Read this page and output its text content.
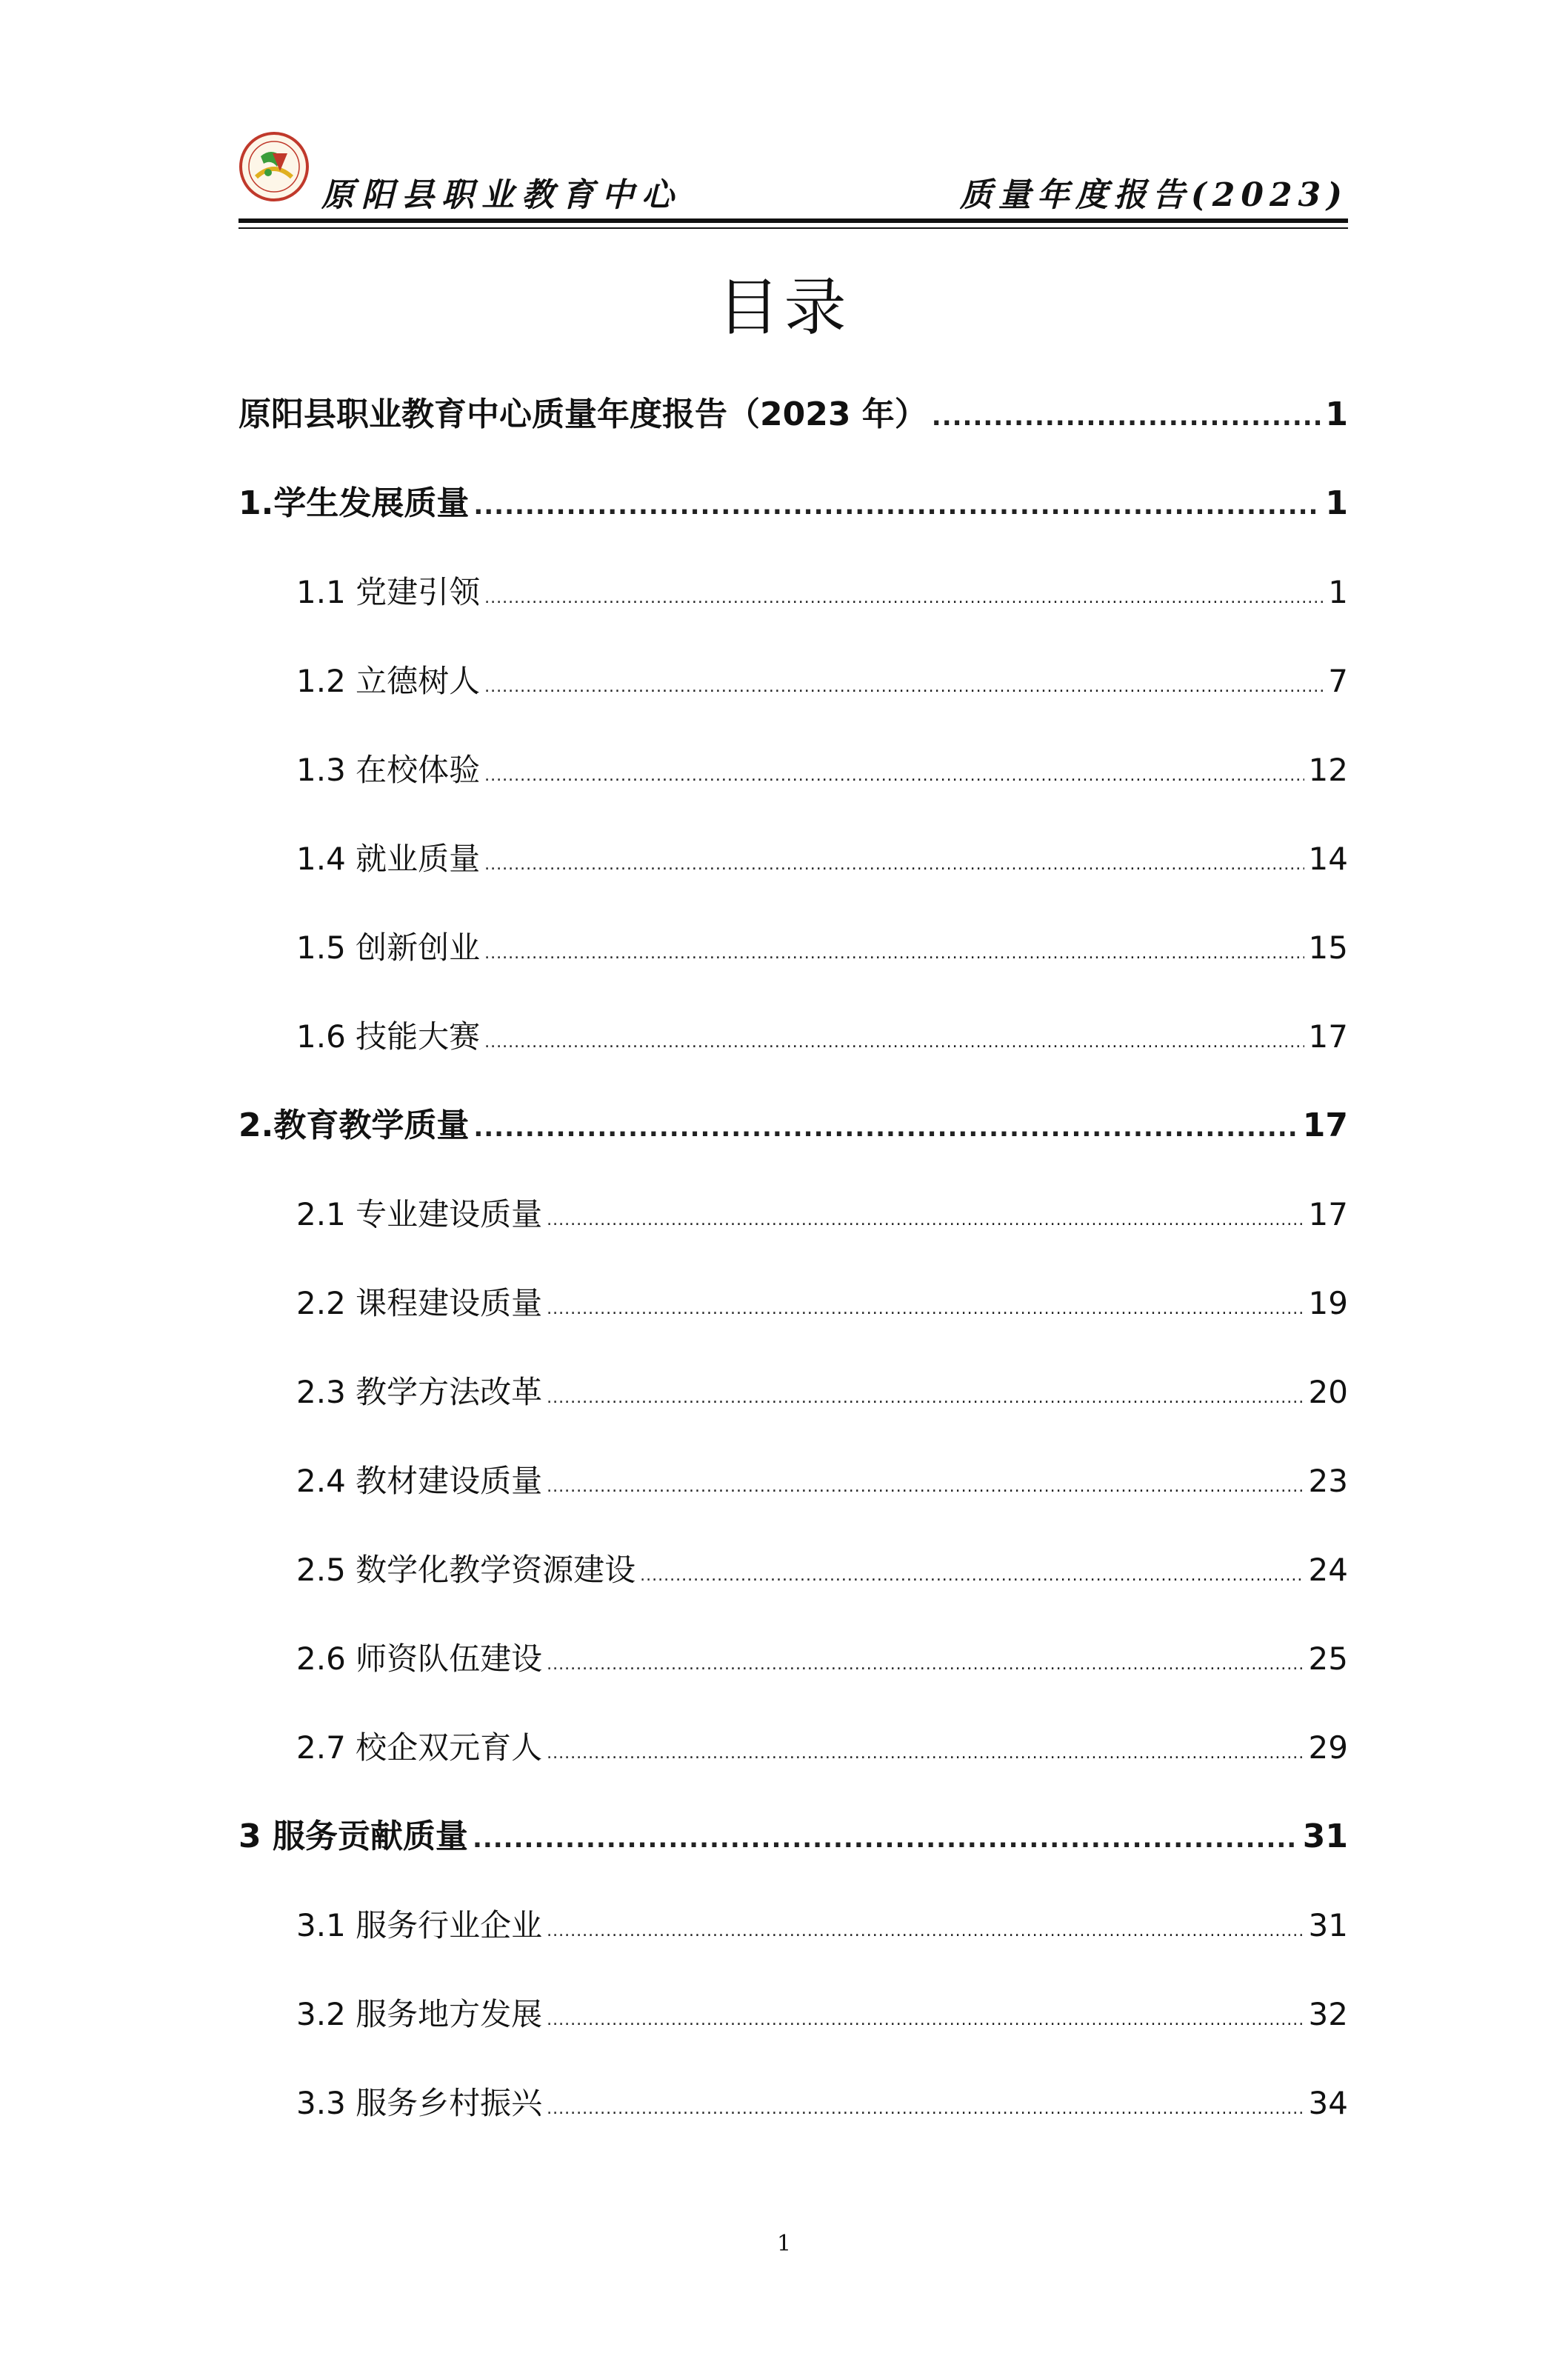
原阳县职业教育中心	质量年度报告(2023)
目录
原阳县职业教育中心质量年度报告（2023 年） .....	1
1.学生发展质量 .....	1
1.1 党建引领 .....	1
1.2 立德树人 .....	7
1.3 在校体验 .....	12
1.4 就业质量 .....	14
1.5 创新创业 .....	15
1.6 技能大赛 .....	17
2.教育教学质量 .....	17
2.1 专业建设质量 .....	17
2.2 课程建设质量 .....	19
2.3 教学方法改革 .....	20
2.4 教材建设质量 .....	23
2.5 数学化教学资源建设 .....	24
2.6 师资队伍建设 .....	25
2.7 校企双元育人 .....	29
3 服务贡献质量 .....	31
3.1 服务行业企业 .....	31
3.2 服务地方发展 .....	32
3.3 服务乡村振兴 .....	34
1
